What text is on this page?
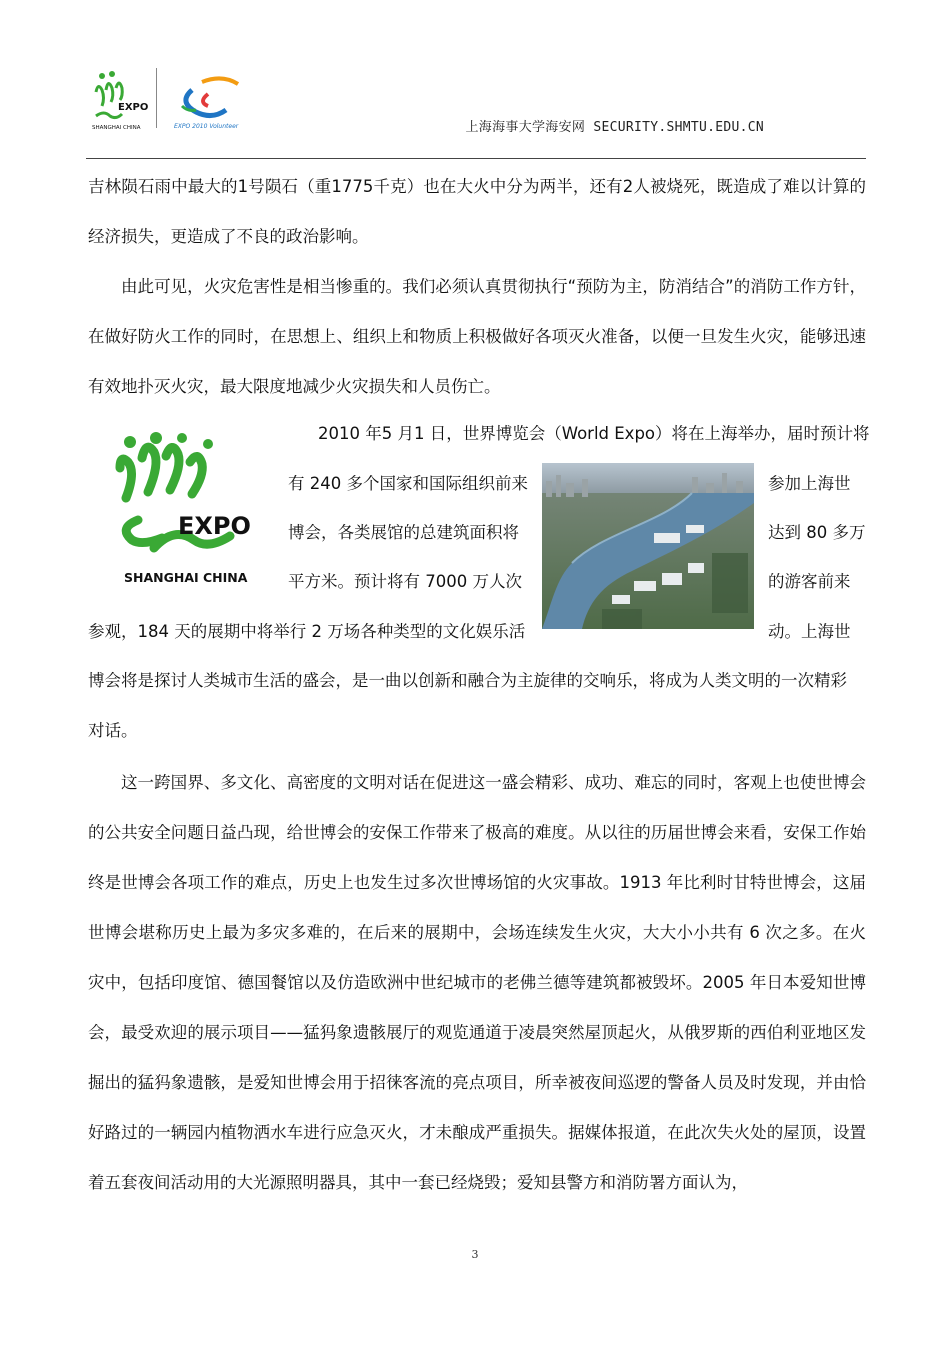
EXPO
SHANGHAI CHINA	EXPO 2010 Volunteer	上海海事大学海安网 SECURITY.SHMTU.EDU.CN
吉林陨石雨中最大的1号陨石（重1775千克）也在大火中分为两半，还有2人被烧死，既造成了难以计算的经济损失，更造成了不良的政治影响。
由此可见，火灾危害性是相当惨重的。我们必须认真贯彻执行“预防为主，防消结合”的消防工作方针，在做好防火工作的同时，在思想上、组织上和物质上积极做好各项灭火准备，以便一旦发生火灾，能够迅速有效地扑灭火灾，最大限度地减少火灾损失和人员伤亡。
EXPO
SHANGHAI CHINA
2010 年5 月1 日，世界博览会（World Expo）将在上海举办，届时预计将
有 240 多个国家和国际组织前来	参加上海世
博会，各类展馆的总建筑面积将	达到 80 多万
平方米。预计将有 7000 万人次	的游客前来
参观，184 天的展期中将举行 2 万场各种类型的文化娱乐活	动。上海世
博会将是探讨人类城市生活的盛会，是一曲以创新和融合为主旋律的交响乐，将成为人类文明的一次精彩
对话。
这一跨国界、多文化、高密度的文明对话在促进这一盛会精彩、成功、难忘的同时，客观上也使世博会的公共安全问题日益凸现，给世博会的安保工作带来了极高的难度。从以往的历届世博会来看，安保工作始终是世博会各项工作的难点，历史上也发生过多次世博场馆的火灾事故。1913 年比利时甘特世博会，这届世博会堪称历史上最为多灾多难的，在后来的展期中，会场连续发生火灾，大大小小共有 6 次之多。在火灾中，包括印度馆、德国餐馆以及仿造欧洲中世纪城市的老佛兰德等建筑都被毁坏。2005 年日本爱知世博会，最受欢迎的展示项目——猛犸象遗骸展厅的观览通道于凌晨突然屋顶起火，从俄罗斯的西伯利亚地区发掘出的猛犸象遗骸，是爱知世博会用于招徕客流的亮点项目，所幸被夜间巡逻的警备人员及时发现，并由恰好路过的一辆园内植物洒水车进行应急灭火，才未酿成严重损失。据媒体报道，在此次失火处的屋顶，设置着五套夜间活动用的大光源照明器具，其中一套已经烧毁；爱知县警方和消防署方面认为，
3
